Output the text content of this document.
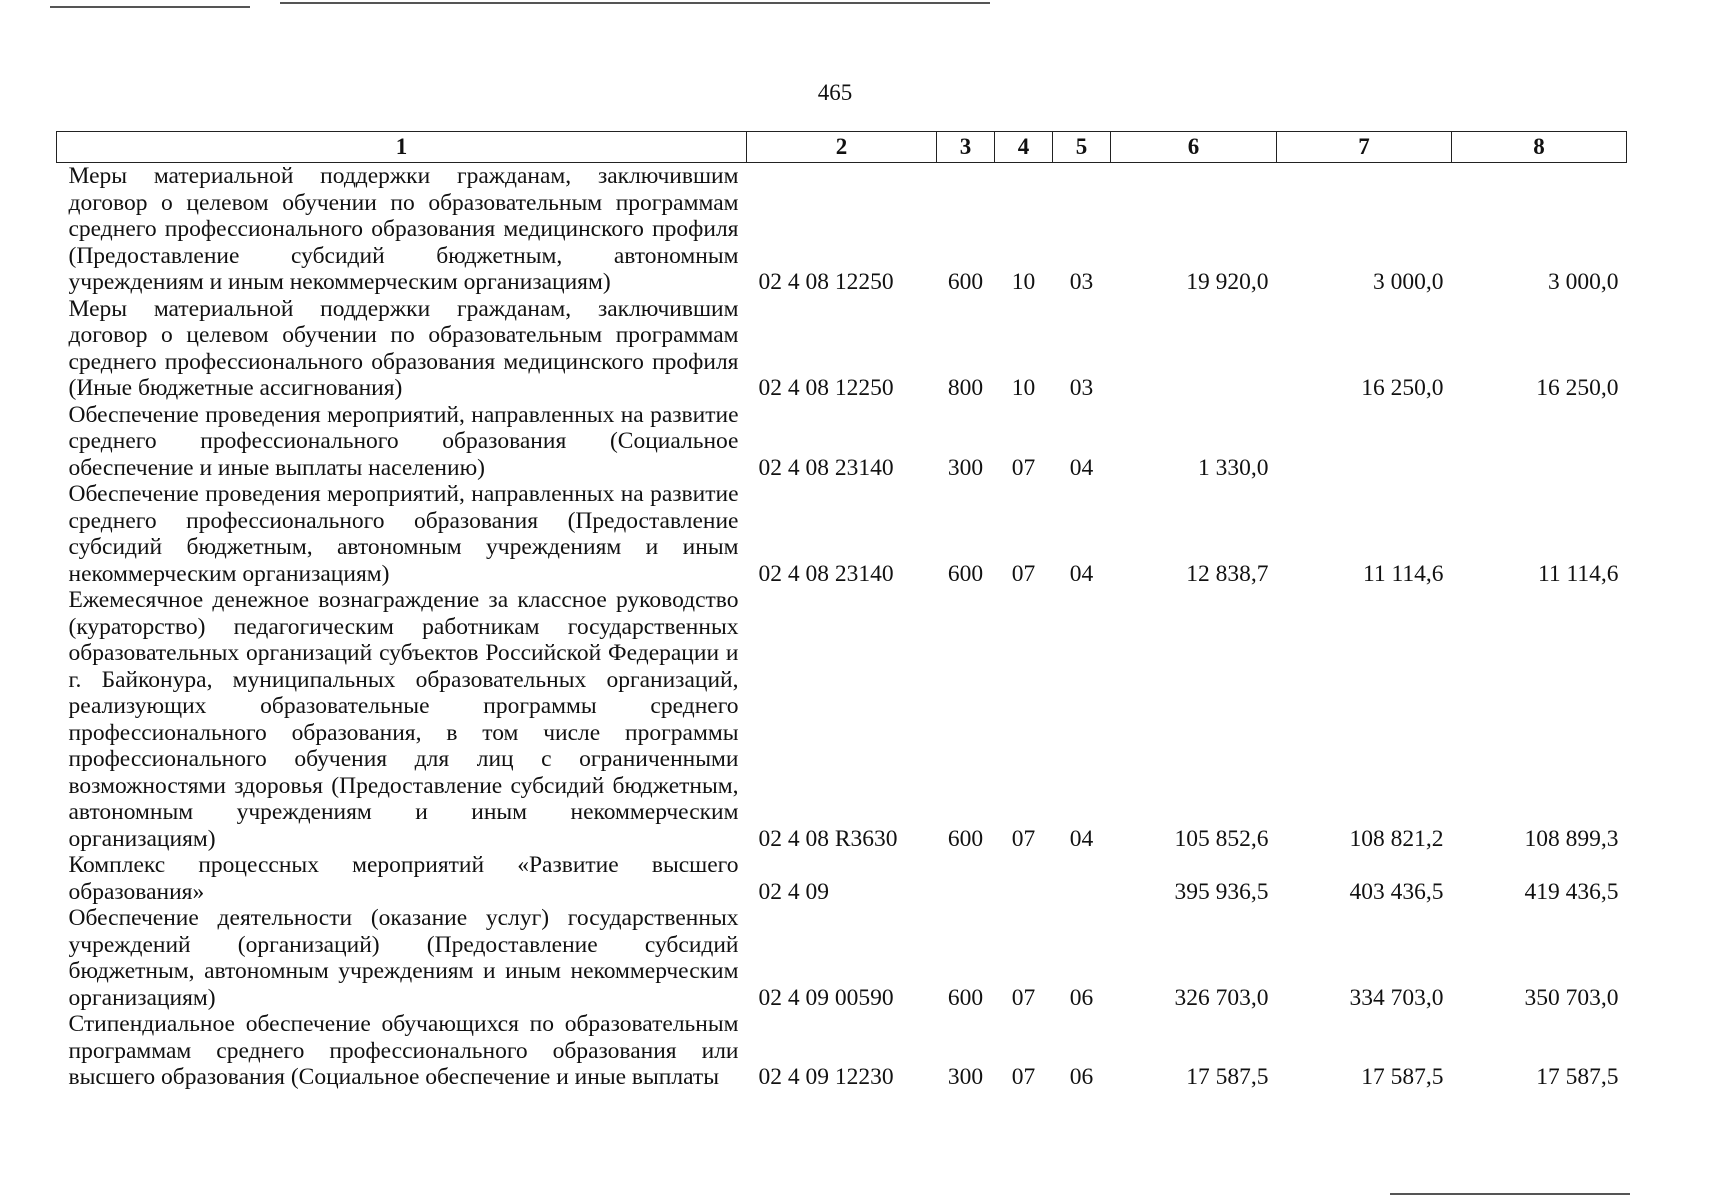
465
1	2	3	4	5	6	7	8
Меры материальной поддержки гражданам, заключившим договор о целевом обучении по образовательным программам среднего профессионального образования медицинского профиля (Предоставление субсидий бюджетным, автономным учреждениям и иным некоммерческим организациям)	02 4 08 12250	600	10	03	19 920,0	3 000,0	3 000,0
Меры материальной поддержки гражданам, заключившим договор о целевом обучении по образовательным программам среднего профессионального образования медицинского профиля (Иные бюджетные ассигнования)	02 4 08 12250	800	10	03		16 250,0	16 250,0
Обеспечение проведения мероприятий, направленных на развитие среднего профессионального образования (Социальное обеспечение и иные выплаты населению)	02 4 08 23140	300	07	04	1 330,0		
Обеспечение проведения мероприятий, направленных на развитие среднего профессионального образования (Предоставление субсидий бюджетным, автономным учреждениям и иным некоммерческим организациям)	02 4 08 23140	600	07	04	12 838,7	11 114,6	11 114,6
Ежемесячное денежное вознаграждение за классное руководство (кураторство) педагогическим работникам государственных образовательных организаций субъектов Российской Федерации и г. Байконура, муниципальных образовательных организаций, реализующих образовательные программы среднего профессионального образования, в том числе программы профессионального обучения для лиц с ограниченными возможностями здоровья (Предоставление субсидий бюджетным, автономным учреждениям и иным некоммерческим организациям)	02 4 08 R3630	600	07	04	105 852,6	108 821,2	108 899,3
Комплекс процессных мероприятий «Развитие высшего образования»	02 4 09				395 936,5	403 436,5	419 436,5
Обеспечение деятельности (оказание услуг) государственных учреждений (организаций) (Предоставление субсидий бюджетным, автономным учреждениям и иным некоммерческим организациям)	02 4 09 00590	600	07	06	326 703,0	334 703,0	350 703,0
Стипендиальное обеспечение обучающихся по образовательным программам среднего профессионального образования или высшего образования (Социальное обеспечение и иные выплаты	02 4 09 12230	300	07	06	17 587,5	17 587,5	17 587,5
